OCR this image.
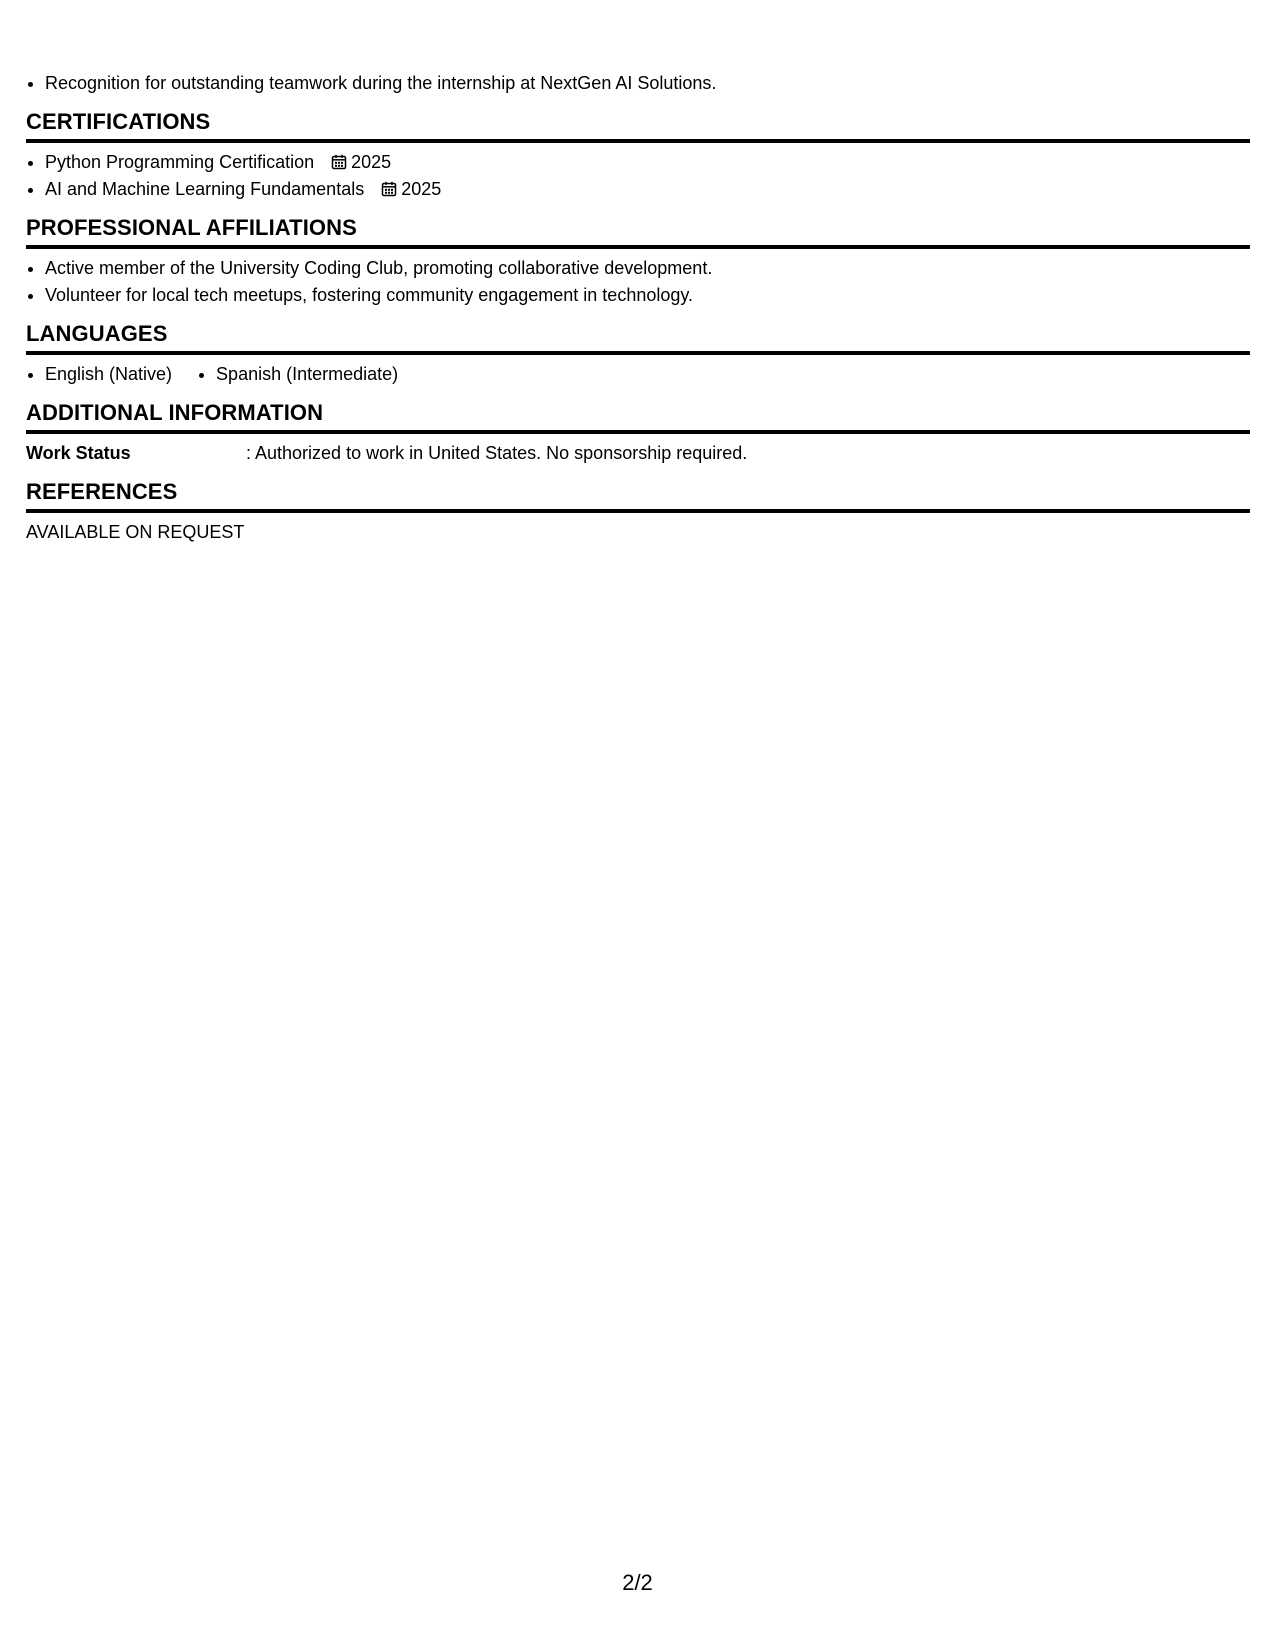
• Recognition for outstanding teamwork during the internship at NextGen AI Solutions.
CERTIFICATIONS
• Python Programming Certification 2025
• AI and Machine Learning Fundamentals 2025
PROFESSIONAL AFFILIATIONS
• Active member of the University Coding Club, promoting collaborative development.
• Volunteer for local tech meetups, fostering community engagement in technology.
LANGUAGES
• English (Native)
• Spanish (Intermediate)
ADDITIONAL INFORMATION
Work Status	: Authorized to work in United States. No sponsorship required.
REFERENCES
AVAILABLE ON REQUEST
2/2
